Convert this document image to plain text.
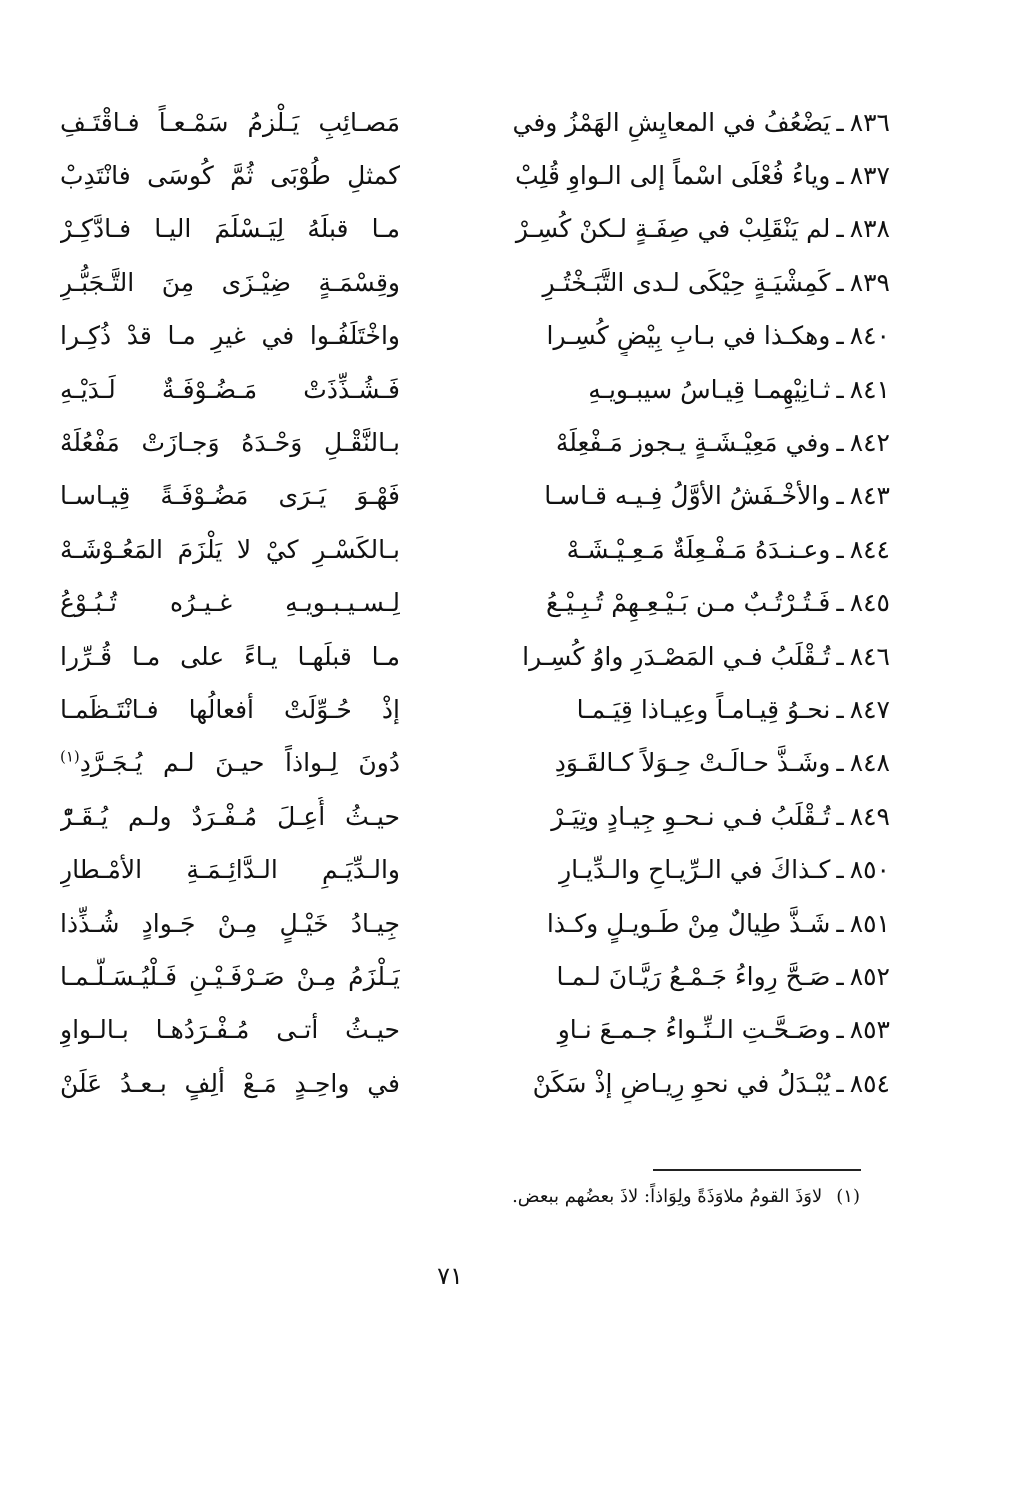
٨٣٦ـيَضْعُفُ في المعايِشِ الهَمْزُ وفي
مَصـائِبِ يَـلْزمُ سَمْـعـاً فـاقْتَـفِ
٨٣٧ـوياءُ فُعْلَى اسْماً إلى الـواوِ قُلِبْ
كمثلِ طُوْبَى ثُمَّ كُوسَى فانْتَدِبْ
٨٣٨ـلم يَنْقَلِبْ في صِفَـةٍ لـكنْ كُسِـرْ
مـا قبلَهُ لِيَـسْلَمَ اليـا فـادَّكِـرْ
٨٣٩ـكَمِشْيَـةٍ حِيْكَى لـدى التَّبَـخْتُـرِ
وقِسْمَـةٍ ضِيْـزَى مِنَ التَّـجَبُّـرِ
٨٤٠ـوهكـذا في بـابِ بِيْضٍ كُسِـرا
واخْتَلَفُـوا في غيرِ مـا قدْ ذُكِـرا
٨٤١ـثـانِيْهِمـا قِيـاسُ سيبـويـهِ
فَـشُـذِّذَتْ مَـضُـوْفَـةٌ لَـدَيْـهِ
٨٤٢ـوفي مَعِيْـشَـةٍ يـجوز مَـفْعِلَهْ
بـالنَّقْـلِ وَحْـدَهُ وَجـازَتْ مَفْعُلَهْ
٨٤٣ـوالأخْـفَشُ الأوَّلُ فِـيـه قـاسـا
فَهْـوَ يَـرَى مَضُـوْفَـةً قِيـاسـا
٨٤٤ـوعـنـدَهُ مَـفْـعِلَةٌ مَـعِـيْـشَـهْ
بـالكَسْـرِ كيْ لا يَلْزَمَ المَعُـوْشَـهْ
٨٤٥ـفَـتُـرْتُـبٌ مـن بَـيْـعِـهِمْ تُـبِـيْـعُ
لِـسـيـبـويـهِ غـيـرُه تُـبُـوْعُ
٨٤٦ـتُـقْلَبُ فـي المَصْـدَرِ واوُ كُسِـرا
مـا قبلَهـا يـاءً على مـا قُـرِّرا
٨٤٧ـنحـوُ قِيـامـاً وعِيـاذا قِيَـمـا
إذْ حُـوِّلَتْ أفعالُها فـانْتَـظَمـا
٨٤٨ـوشَـذَّ حـالَـتْ حِـوَلاً كـالقَـوَدِ
دُونَ لِـواذاً حيـنَ لـم يُـجَـرَّدِ$^{(١)}$
٨٤٩ـتُـقْلَبُ فـي نـحـوِ جِيـادٍ وتِيَـرْ
حيـثُ أُعِـلَ مُـفْـرَدٌ ولـم يُـقَـرّْ
٨٥٠ـكـذاكَ في الـرِّيـاحِ والـدِّيـارِ
والـدِّيَـمِ الـدَّائِـمَـةِ الأمْـطارِ
٨٥١ـشَـذَّ طِيالٌ مِنْ طَـويـلٍ وكـذا
جِيـادُ خَيْـلٍ مِـنْ جَـوادٍ شُـذِّذا
٨٥٢ـصَـحَّ رِواءُ جَـمْـعُ رَيَّـانَ لـمـا
يَـلْزَمُ مِـنْ صَـرْفَـيْـنِ فَـلْيُـسَـلَّـمـا
٨٥٣ـوصَـحَّـتِ الـنِّـواءُ جـمـعَ نـاوِ
حيـثُ أتـى مُـفْـرَدُهـا بـالـواوِ
٨٥٤ـيُبْـدَلُ في نحوِ رِيـاضٍ إذْ سَكَنْ
في واحِـدٍ مَـعْ ألِفٍ بـعـدُ عَلَنْ
(١)لاوَذَ القومُ ملاوَذَةً ولِوَاذاً: لاذَ بعضُهم ببعض.
٧١
